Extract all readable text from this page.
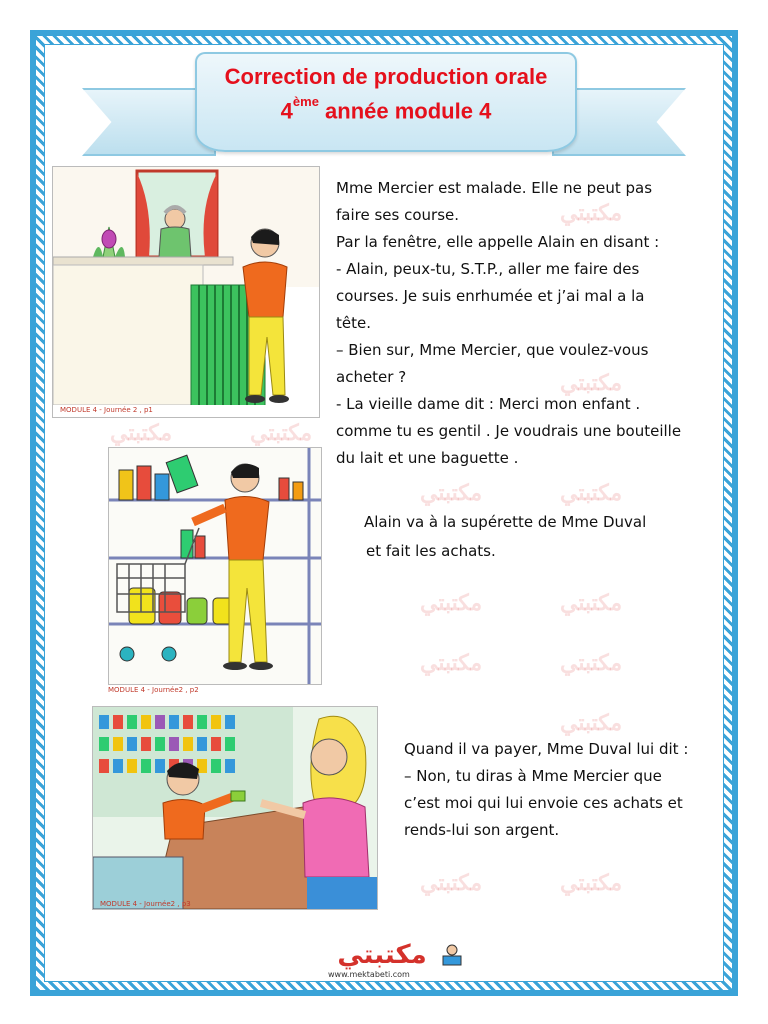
Correction de production orale
4ème année module 4
MODULE 4 - Journée 2 , p1

Mme Mercier est malade. Elle ne peut pas

faire ses course.

Par la fenêtre, elle appelle Alain en disant :

- Alain, peux-tu, S.T.P., aller me faire des

courses. Je suis enrhumée et j’ai mal a la

tête.

– Bien sur, Mme Mercier, que voulez-vous

acheter ?

- La vieille dame dit : Merci mon enfant .

comme tu es gentil . Je voudrais une bouteille

du lait et une baguette .

MODULE 4 - Journée2 , p2

Alain va à la supérette de Mme Duval

et fait les achats.

MODULE 4 - Journée2 , p3

Quand il va payer, Mme Duval lui dit :

– Non, tu diras à Mme Mercier que

c’est moi qui lui envoie ces achats et

rends-lui son argent.

مكتبتي
www.mektabeti.com
